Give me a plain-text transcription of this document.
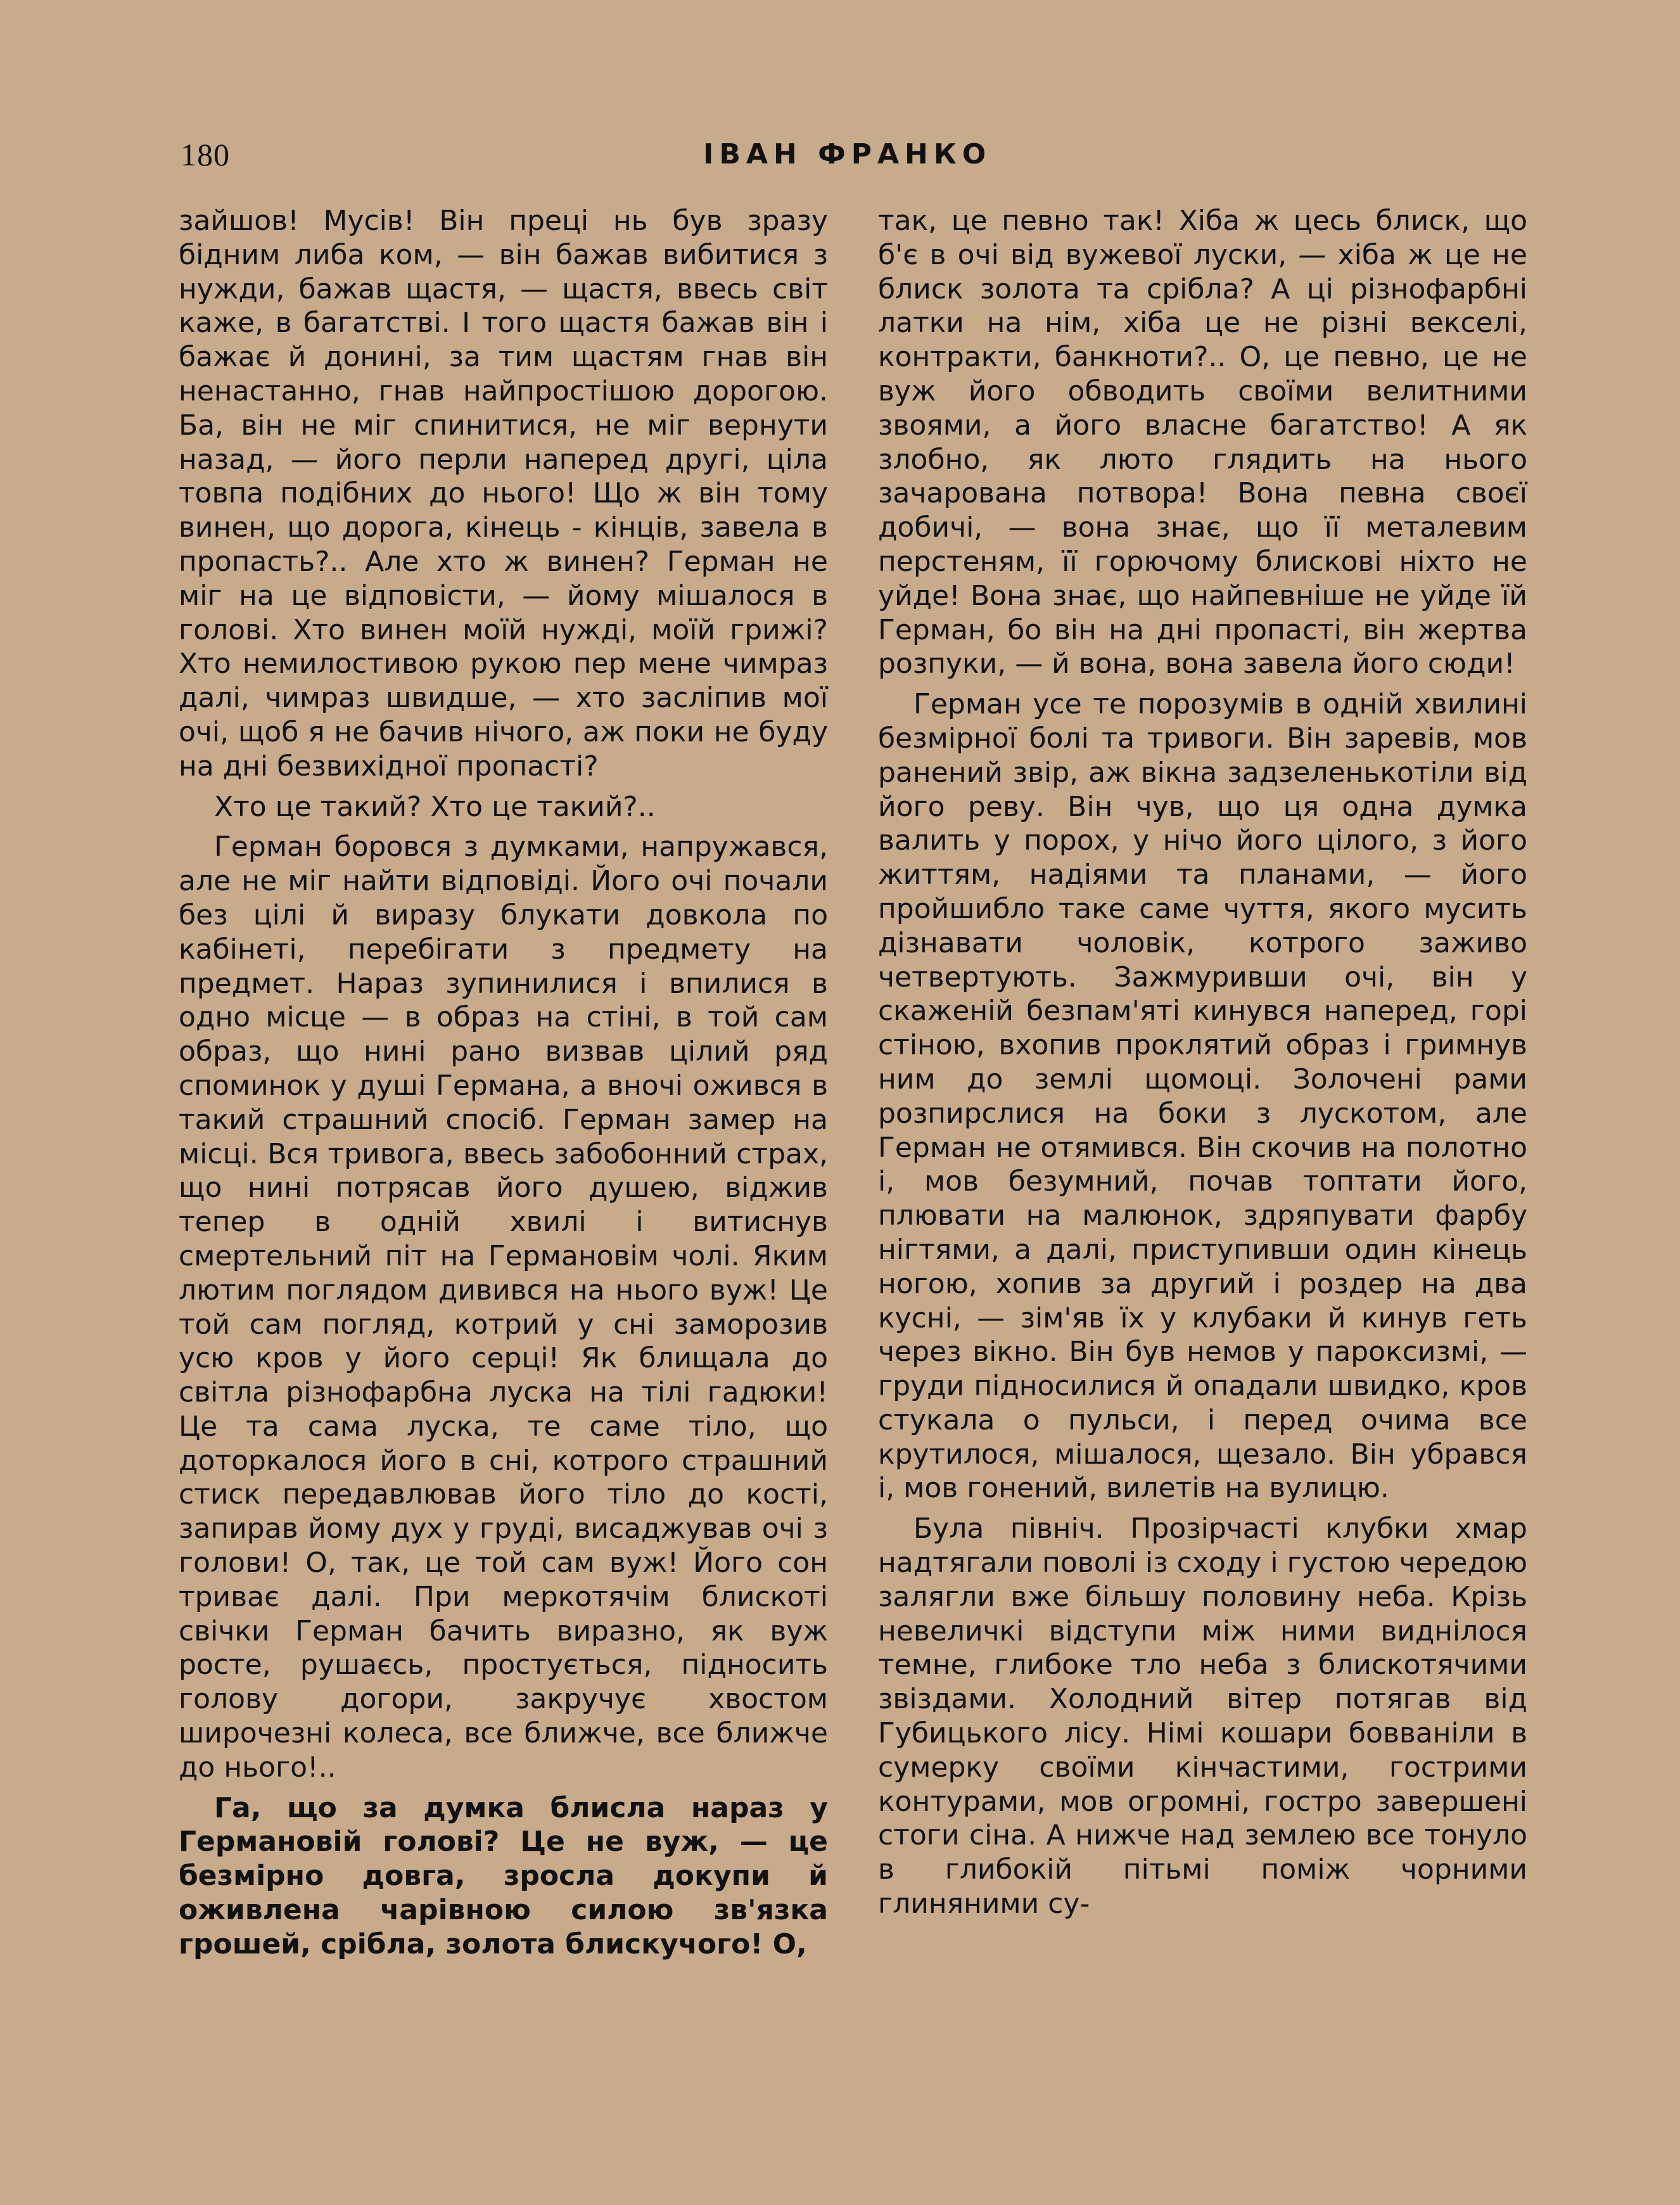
180	ІВАН ФРАНКО

зайшов! Мусів! Він преці нь був зразу бідним либа ком, — він бажав вибитися з нужди, бажав щастя, — щастя, ввесь світ каже, в багатстві. І того щастя бажав він і бажає й донині, за тим щастям гнав він ненастанно, гнав найпростішою дорогою. Ба, він не міг спинитися, не міг вернути назад, — його перли наперед другі, ціла товпа подібних до нього! Що ж він тому винен, що дорога, кінець - кінців, завела в пропасть?.. Але хто ж винен? Герман не міг на це відповісти, — йому мішалося в голові. Хто винен моїй нужді, моїй грижі? Хто немилостивою рукою пер мене чимраз далі, чимраз швидше, — хто засліпив мої очі, щоб я не бачив нічого, аж поки не буду на дні безвихідної пропасті?

Хто це такий? Хто це такий?..

Герман боровся з думками, напружався, але не міг найти відповіді. Його очі почали без цілі й виразу блукати довкола по кабінеті, перебігати з предмету на предмет. Нараз зупинилися і впилися в одно місце — в образ на стіні, в той сам образ, що нині рано визвав цілий ряд споминок у душі Германа, а вночі ожився в такий страшний спосіб. Герман замер на місці. Вся тривога, ввесь забобонний страх, що нині потрясав його душею, віджив тепер в одній хвилі і витиснув смертельний піт на Германовім чолі. Яким лютим поглядом дивився на нього вуж! Це той сам погляд, котрий у сні заморозив усю кров у його серці! Як блищала до світла різнофарбна луска на тілі гадюки! Це та сама луска, те саме тіло, що доторкалося його в сні, котрого страшний стиск передавлював його тіло до кості, запирав йому дух у груді, висаджував очі з голови! О, так, це той сам вуж! Його сон триває далі. При меркотячім блискоті свічки Герман бачить виразно, як вуж росте, рушаєсь, простується, підносить голову догори, закручує хвостом широчезні колеса, все ближче, все ближче до нього!..

Га, що за думка блисла нараз у Германовій голові? Це не вуж, — це безмірно довга, зросла докупи й оживлена чарівною силою зв'язка грошей, срібла, золота блискучого! О,

так, це певно так! Хіба ж цесь блиск, що б'є в очі від вужевої луски, — хіба ж це не блиск золота та срібла? А ці різнофарбні латки на нім, хіба це не різні векселі, контракти, банкноти?.. О, це певно, це не вуж його обводить своїми велитними звоями, а його власне багатство! А як злобно, як люто глядить на нього зачарована потвора! Вона певна своєї добичі, — вона знає, що її металевим перстеням, її горючому блискові ніхто не уйде! Вона знає, що найпевніше не уйде їй Герман, бо він на дні пропасті, він жертва розпуки, — й вона, вона завела його сюди!

Герман усе те порозумів в одній хвилині безмірної болі та тривоги. Він заревів, мов ранений звір, аж вікна задзеленькотіли від його реву. Він чув, що ця одна думка валить у порох, у нічо його цілого, з його життям, надіями та планами, — його пройшибло таке саме чуття, якого мусить дізнавати чоловік, котрого заживо четвертують. Зажмуривши очі, він у скаженій безпам'яті кинувся наперед, горі стіною, вхопив проклятий образ і гримнув ним до землі щомоці. Золочені рами розпирслися на боки з лускотом, але Герман не отямився. Він скочив на полотно і, мов безумний, почав топтати його, плювати на малюнок, здряпувати фарбу нігтями, а далі, приступивши один кінець ногою, хопив за другий і роздер на два кусні, — зім'яв їх у клубаки й кинув геть через вікно. Він був немов у пароксизмі, — груди підносилися й опадали швидко, кров стукала о пульси, і перед очима все крутилося, мішалося, щезало. Він убрався і, мов гонений, вилетів на вулицю.

Була північ. Прозірчасті клубки хмар надтягали поволі із сходу і густою чередою залягли вже більшу половину неба. Крізь невеличкі відступи між ними виднілося темне, глибоке тло неба з блискотячими звіздами. Холодний вітер потягав від Губицького лісу. Німі кошари бовваніли в сумерку своїми кінчастими, гострими контурами, мов огромні, гостро завершені стоги сіна. А нижче над землею все тонуло в глибокій пітьмі поміж чорними глиняними су-
